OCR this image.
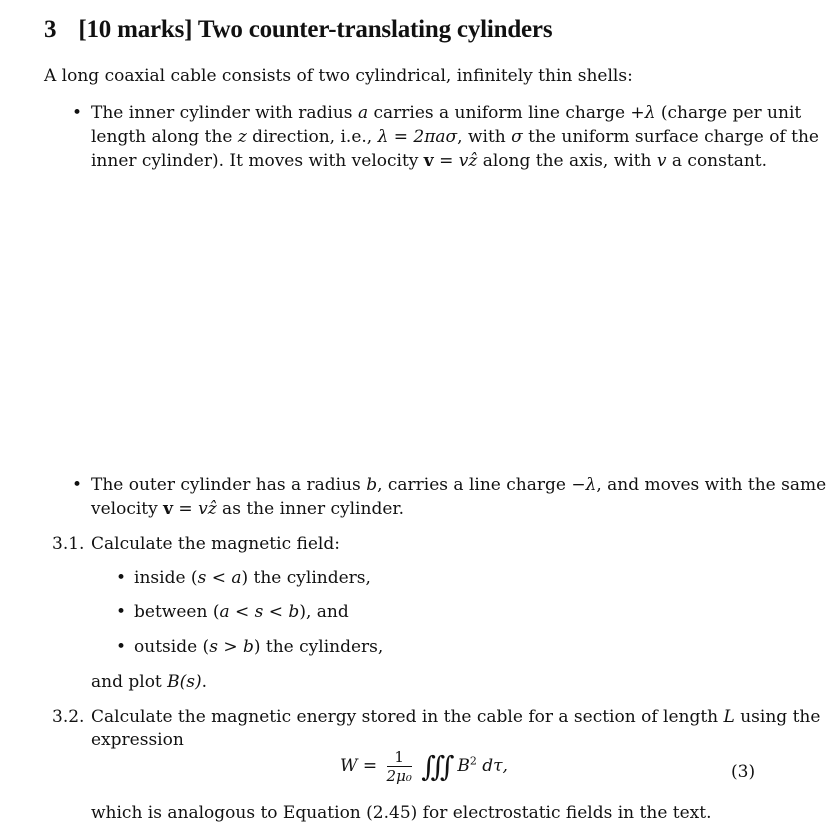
3 [10 marks] Two counter-translating cylinders
A long coaxial cable consists of two cylindrical, infinitely thin shells:
• The inner cylinder with radius a carries a uniform line charge +λ (charge per unit
length along the z direction, i.e., λ = 2πaσ, with σ the uniform surface charge of the
inner cylinder). It moves with velocity v = vẑ along the axis, with v a constant.
• The outer cylinder has a radius b, carries a line charge −λ, and moves with the same
velocity v = vẑ as the inner cylinder.
3.1. Calculate the magnetic field:
• inside (s < a) the cylinders,
• between (a < s < b), and
• outside (s > b) the cylinders,
and plot B(s).
3.2. Calculate the magnetic energy stored in the cable for a section of length L using the
expression
$W = \frac{1}{\text{2μ₀}}$ ∭ $B^2$ dτ,	(3)
which is analogous to Equation (2.45) for electrostatic fields in the text.
